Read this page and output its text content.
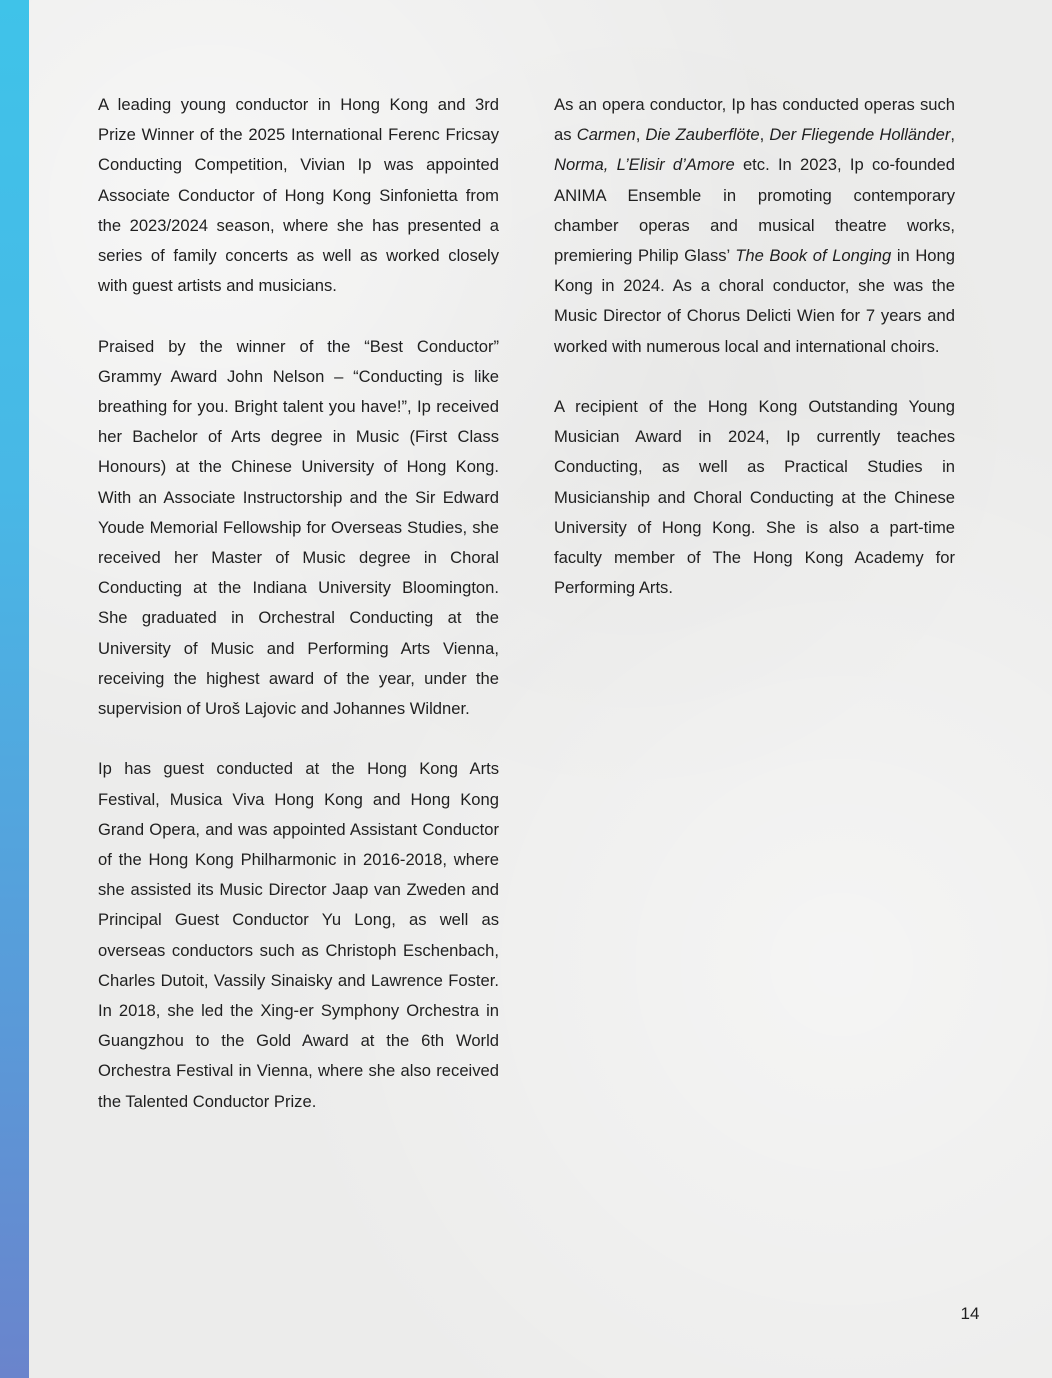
A leading young conductor in Hong Kong and 3rd Prize Winner of the 2025 International Ferenc Fricsay Conducting Competition, Vivian Ip was appointed Associate Conductor of Hong Kong Sinfonietta from the 2023/2024 season, where she has presented a series of family concerts as well as worked closely with guest artists and musicians.

Praised by the winner of the “Best Conductor” Grammy Award John Nelson – “Conducting is like breathing for you. Bright talent you have!”, Ip received her Bachelor of Arts degree in Music (First Class Honours) at the Chinese University of Hong Kong. With an Associate Instructorship and the Sir Edward Youde Memorial Fellowship for Overseas Studies, she received her Master of Music degree in Choral Conducting at the Indiana University Bloomington. She graduated in Orchestral Conducting at the University of Music and Performing Arts Vienna, receiving the highest award of the year, under the supervision of Uroš Lajovic and Johannes Wildner.

Ip has guest conducted at the Hong Kong Arts Festival, Musica Viva Hong Kong and Hong Kong Grand Opera, and was appointed Assistant Conductor of the Hong Kong Philharmonic in 2016-2018, where she assisted its Music Director Jaap van Zweden and Principal Guest Conductor Yu Long, as well as overseas conductors such as Christoph Eschenbach, Charles Dutoit, Vassily Sinaisky and Lawrence Foster. In 2018, she led the Xing-er Symphony Orchestra in Guangzhou to the Gold Award at the 6th World Orchestra Festival in Vienna, where she also received the Talented Conductor Prize.

As an opera conductor, Ip has conducted operas such as Carmen, Die Zauberflöte, Der Fliegende Holländer, Norma, L’Elisir d’Amore etc. In 2023, Ip co-founded ANIMA Ensemble in promoting contemporary chamber operas and musical theatre works, premiering Philip Glass’ The Book of Longing in Hong Kong in 2024. As a choral conductor, she was the Music Director of Chorus Delicti Wien for 7 years and worked with numerous local and international choirs.

A recipient of the Hong Kong Outstanding Young Musician Award in 2024, Ip currently teaches Conducting, as well as Practical Studies in Musicianship and Choral Conducting at the Chinese University of Hong Kong. She is also a part-time faculty member of The Hong Kong Academy for Performing Arts.

14
